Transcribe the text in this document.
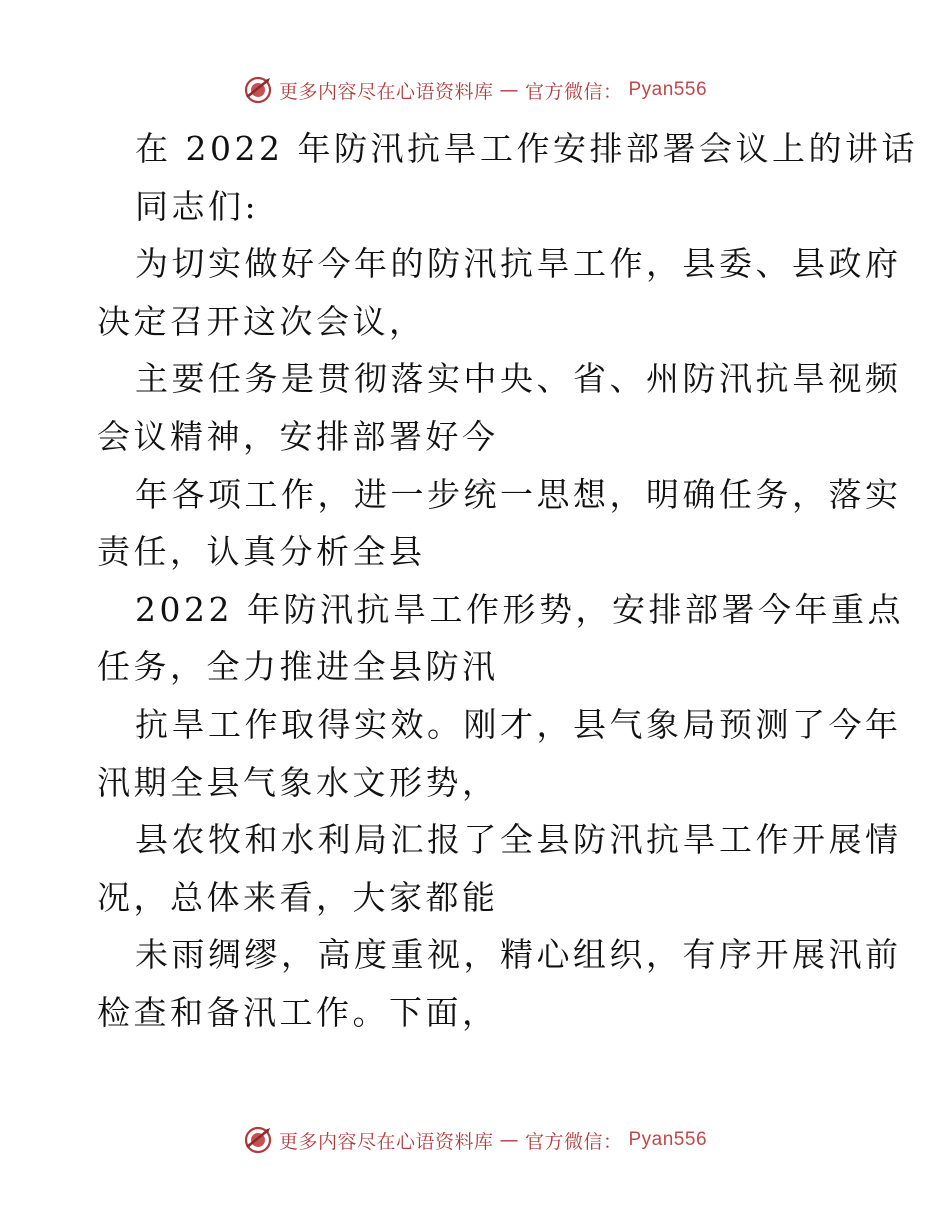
更多内容尽在心语资料库 — 官方微信： Pyan556
在 2022 年防汛抗旱工作安排部署会议上的讲话
同志们:
为切实做好今年的防汛抗旱工作，县委、县政府
决定召开这次会议，
主要任务是贯彻落实中央、省、州防汛抗旱视频
会议精神，安排部署好今
年各项工作，进一步统一思想，明确任务，落实
责任，认真分析全县
2022 年防汛抗旱工作形势，安排部署今年重点
任务，全力推进全县防汛
抗旱工作取得实效。刚才，县气象局预测了今年
汛期全县气象水文形势，
县农牧和水利局汇报了全县防汛抗旱工作开展情
况，总体来看，大家都能
未雨绸缪，高度重视，精心组织，有序开展汛前
检查和备汛工作。下面，
更多内容尽在心语资料库 — 官方微信： Pyan556
